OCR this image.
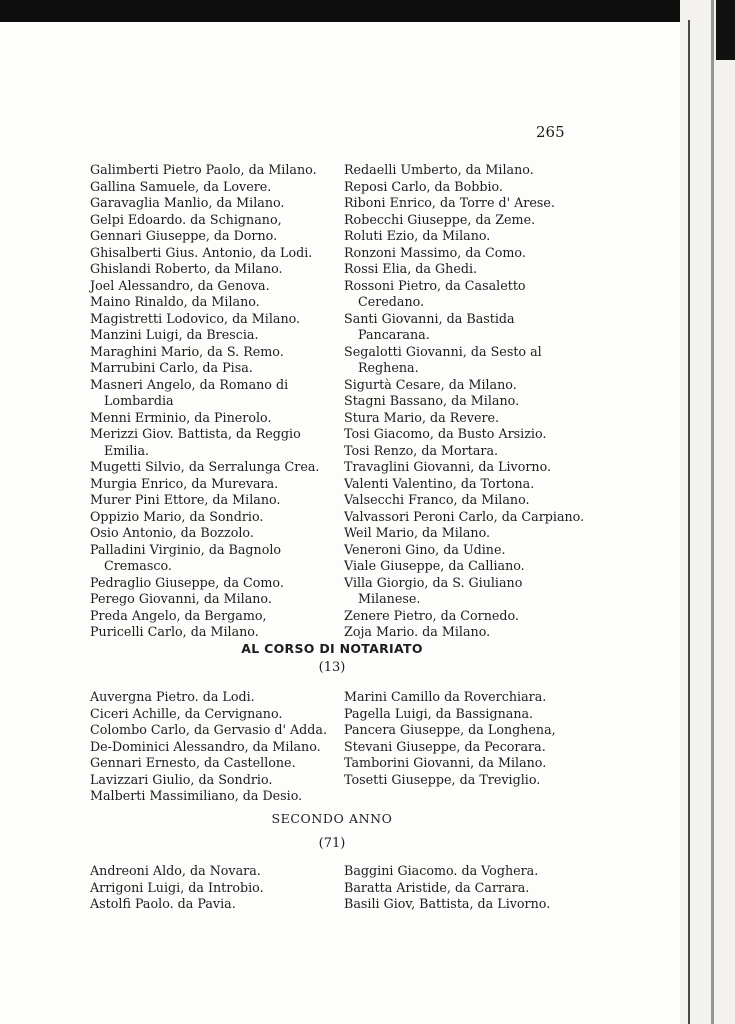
265
Galimberti Pietro Paolo, da Milano.
Gallina Samuele, da Lovere.
Garavaglia Manlio, da Milano.
Gelpi Edoardo. da Schignano,
Gennari Giuseppe, da Dorno.
Ghisalberti Gius. Antonio, da Lodi.
Ghislandi Roberto, da Milano.
Joel Alessandro, da Genova.
Maino Rinaldo, da Milano.
Magistretti Lodovico, da Milano.
Manzini Luigi, da Brescia.
Maraghini Mario, da S. Remo.
Marrubini Carlo, da Pisa.
Masneri Angelo, da Romano di Lombardia
Menni Erminio, da Pinerolo.
Merizzi Giov. Battista, da Reggio Emilia.
Mugetti Silvio, da Serralunga Crea.
Murgia Enrico, da Murevara.
Murer Pini Ettore, da Milano.
Oppizio Mario, da Sondrio.
Osio Antonio, da Bozzolo.
Palladini Virginio, da Bagnolo Cremasco.
Pedraglio Giuseppe, da Como.
Perego Giovanni, da Milano.
Preda Angelo, da Bergamo,
Puricelli Carlo, da Milano.
Redaelli Umberto, da Milano.
Reposi Carlo, da Bobbio.
Riboni Enrico, da Torre d' Arese.
Robecchi Giuseppe, da Zeme.
Roluti Ezio, da Milano.
Ronzoni Massimo, da Como.
Rossi Elia, da Ghedi.
Rossoni Pietro, da Casaletto Ceredano.
Santi Giovanni, da Bastida Pancarana.
Segalotti Giovanni, da Sesto al Reghena.
Sigurtà Cesare, da Milano.
Stagni Bassano, da Milano.
Stura Mario, da Revere.
Tosi Giacomo, da Busto Arsizio.
Tosi Renzo, da Mortara.
Travaglini Giovanni, da Livorno.
Valenti Valentino, da Tortona.
Valsecchi Franco, da Milano.
Valvassori Peroni Carlo, da Carpiano.
Weil Mario, da Milano.
Veneroni Gino, da Udine.
Viale Giuseppe, da Calliano.
Villa Giorgio, da S. Giuliano Milanese.
Zenere Pietro, da Cornedo.
Zoja Mario. da Milano.
AL CORSO DI NOTARIATO
(13)
Auvergna Pietro. da Lodi.
Ciceri Achille, da Cervignano.
Colombo Carlo, da Gervasio d' Adda.
De-Dominici Alessandro, da Milano.
Gennari Ernesto, da Castellone.
Lavizzari Giulio, da Sondrio.
Malberti Massimiliano, da Desio.
Marini Camillo da Roverchiara.
Pagella Luigi, da Bassignana.
Pancera Giuseppe, da Longhena,
Stevani Giuseppe, da Pecorara.
Tamborini Giovanni, da Milano.
Tosetti Giuseppe, da Treviglio.
SECONDO ANNO
(71)
Andreoni Aldo, da Novara.
Arrigoni Luigi, da Introbio.
Astolfi Paolo. da Pavia.
Baggini Giacomo. da Voghera.
Baratta Aristide, da Carrara.
Basili Giov, Battista, da Livorno.
